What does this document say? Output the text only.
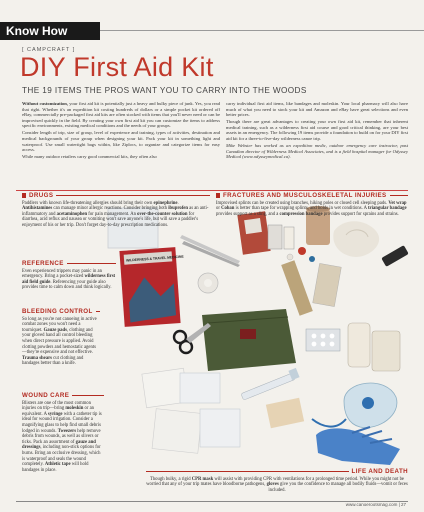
Know How
[ CAMPCRAFT ]
DIY First Aid Kit
THE 19 ITEMS THE PROS WANT YOU TO CARRY INTO THE WOODS

Without customization, your first aid kit is potentially just a heavy and bulky piece of junk. Yes, you read that right. Whether it's an expedition kit costing hundreds of dollars or a simple pocket kit ordered off eBay, commercially pre-packaged first aid kits are often stocked with items that you'll never need or can be improvised quickly in the field. By creating your own first aid kit you can customize the items to address specific environments, existing medical conditions and the needs of your groups.

Consider length of trip, size of group, level of experience and training, types of activities, destination and medical backgrounds of your group when designing your kit. Pack your kit in something light and waterproof. Use small watertight bags within, like Ziplocs, to organize and categorize items for easy access.

While many outdoor retailers carry good commercial kits, they often also

carry individual first aid items, like bandages and moleskin. Your local pharmacy will also have much of what you need to stock your kit and Amazon and eBay have great selections and even better prices.

Though there are great advantages to creating your own first aid kit, remember that inherent medical training, such as a wilderness first aid course and good critical thinking, are your best assets in an emergency. The following 19 items provide a foundation to build on for your DIY first aid kit for a three-to-five-day wilderness canoe trip.

Mike Webster has worked as an expedition medic, outdoor emergency care instructor, past Canadian director of Wilderness Medical Associates, and is a field hospital manager for Odyssey Medical (www.odysseymedical.ca).

WILDERNESS & TRAVEL MEDICINE
DRUGS
Paddlers with known life-threatening allergies should bring their own epinephrine. Antihistamines can manage minor allergic reactions. Consider bringing both ibuprofen as an anti-inflammatory and acetaminophen for pain management. An over-the-counter solution for diarrhea, acid reflux and nausea or vomiting won't save anyone's life, but will save a paddler's enjoyment of his or her trip. Don't forget day-to-day prescription medications.
FRACTURES AND MUSCULOSKELETAL INJURIES
Improvised splints can be created using branches, hiking poles or closed cell sleeping pads. Vet wrap or Coban is better than tape for wrapping splints, and holds in wet conditions. A triangular bandage provides support as a sling, and a compression bandage provides support for sprains and strains.
REFERENCE
Even experienced trippers may panic in an emergency. Bring a pocket-sized wilderness first aid field guide. Referencing your guide also provides time to calm down and think logically.
BLEEDING CONTROL
So long as you're not canoeing in active combat zones you won't need a tourniquet. Gauze pads, clothing and your gloved hand all control bleeding when direct pressure is applied. Avoid clotting powders and hemostatic agents—they're expensive and not effective. Trauma shears cut clothing and bandages better than a knife.
WOUND CARE
Blisters are one of the most common injuries on trip—bring moleskin or an equivalent. A syringe with a catheter tip is ideal for wound irrigation. Consider a magnifying glass to help find small debris lodged in wounds. Tweezers help remove debris from wounds, as well as slivers or ticks. Pack an assortment of gauze and dressings, including non-stick options for burns. Bring an occlusive dressing, which is waterproof and seals the wound completely. Athletic tape will hold bandages in place.	LIFE AND DEATH
Though bulky, a rigid CPR mask will assist with providing CPR with ventilations for a prolonged time period. While you might not be worried that any of your trip mates have bloodborne pathogens, gloves give you the confidence to manage all bodily fluids—vomit or feces included.
www.canoerootsmag.com | 27
